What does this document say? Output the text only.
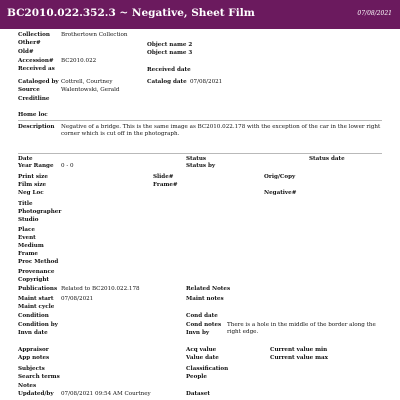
BC2010.022.352.3 ~ Negative, Sheet Film	07/08/2021
Collection Brothertown Collection
Other#	Object name 2
Old#	Object name 3
Accession# BC2010.022
Received as	Received date
Cataloged by Cottrell, Courtney	Catalog date 07/08/2021
Source	Walentowski, Gerald
Creditline
Home loc
Description Negative of a bridge. This is the same image as BC2010.022.178 with the exception of the car in the lower right corner which is cut off in the photograph.
Date	Status	Status date
Year Range 0 - 0	Status by
Print size	Slide#	Orig/Copy
Film size	Frame#
Neg Loc	Negative#
Title
Photographer
Studio
Place
Event
Medium
Frame
Proc Method
Provenance
Copyright
Publications Related to BC2010.022.178	Related Notes
Maint start 07/08/2021	Maint notes
Maint cycle
Condition	Cond date
Condition by	Cond notes There is a hole in the middle of the border along the right edge.
Invn date	Invn by
Appraisor	Acq value	Current value min
App notes	Value date	Current value max
Subjects	Classification
Search terms	People
Notes
Updated/by 07/08/2021 09:54 AM Courtney	Dataset
